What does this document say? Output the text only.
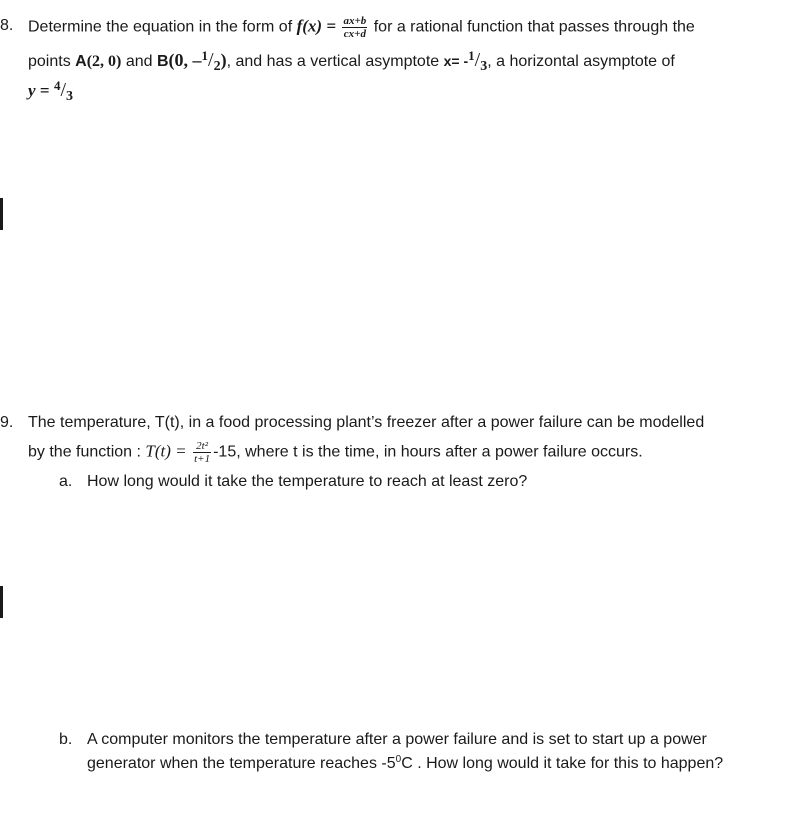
8. Determine the equation in the form of $f(x) = \frac{ax+b}{cx+d}$ for a rational function that passes through the
points A(2, 0) and B(0, $-^1/_2$), and has a vertical asymptote $x= -^1/_3$, a horizontal asymptote of
$y = ^4/_3$
9. The temperature, T(t), in a food processing plant’s freezer after a power failure can be modelled
by the function : $T(t) = \frac{\text{2t²}}{t+1} -15$, where t is the time, in hours after a power failure occurs.
a. How long would it take the temperature to reach at least zero?
b. A computer monitors the temperature after a power failure and is set to start up a power
generator when the temperature reaches $-5^0C$ . How long would it take for this to happen?
